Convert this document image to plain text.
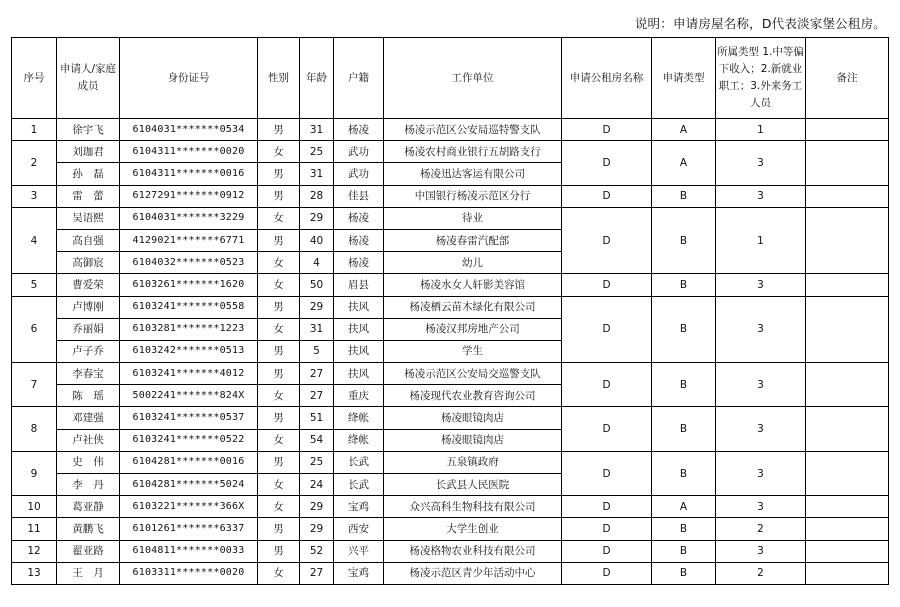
说明：申请房屋名称，D代表淡家堡公租房。
序号	申请人/家庭成员	身份证号	性别	年龄	户籍	工作单位	申请公租房名称	申请类型	所属类型 1.中等偏下收入；2.新就业职工；3.外来务工人员	备注
1	徐宇飞	6104031*******0534	男	31	杨凌	杨凌示范区公安局巡特警支队	D	A	1	
2	刘珈君	6104311*******0020	女	25	武功	杨凌农村商业银行五胡路支行	D	A	3	
	孙　磊	6104311*******0016	男	31	武功	杨凌迅达客运有限公司				
3	雷　蕾	6127291*******0912	男	28	佳县	中国银行杨凌示范区分行	D	B	3	
4	吴语熙	6104031*******3229	女	29	杨凌	待业	D	B	1	
	高自强	4129021*******6771	男	40	杨凌	杨凌春雷汽配部				
	高御宸	6104032*******0523	女	4	杨凌	幼儿				
5	曹爱荣	6103261*******1620	女	50	眉县	杨凌水女人轩影美容馆	D	B	3	
6	卢博刚	6103241*******0558	男	29	扶风	杨凌栖云苗木绿化有限公司	D	B	3	
	乔丽娟	6103281*******1223	女	31	扶风	杨凌汉邦房地产公司				
	卢子乔	6103242*******0513	男	5	扶风	学生				
7	李春宝	6103241*******4012	男	27	扶风	杨凌示范区公安局交巡警支队	D	B	3	
	陈　瑶	5002241*******824X	女	27	重庆	杨凌现代农业教育咨询公司				
8	邓建强	6103241*******0537	男	51	绛帐	杨凌眼镜肉店	D	B	3	
	卢社侠	6103241*******0522	女	54	绛帐	杨凌眼镜肉店				
9	史　伟	6104281*******0016	男	25	长武	五泉镇政府	D	B	3	
	李　丹	6104281*******5024	女	24	长武	长武县人民医院				
10	葛亚静	6103221*******366X	女	29	宝鸡	众兴高科生物科技有限公司	D	A	3	
11	黄鹏飞	6101261*******6337	男	29	西安	大学生创业	D	B	2	
12	翟亚路	6104811*******0033	男	52	兴平	杨凌格物农业科技有限公司	D	B	3	
13	王　月	6103311*******0020	女	27	宝鸡	杨凌示范区青少年活动中心	D	B	2	
